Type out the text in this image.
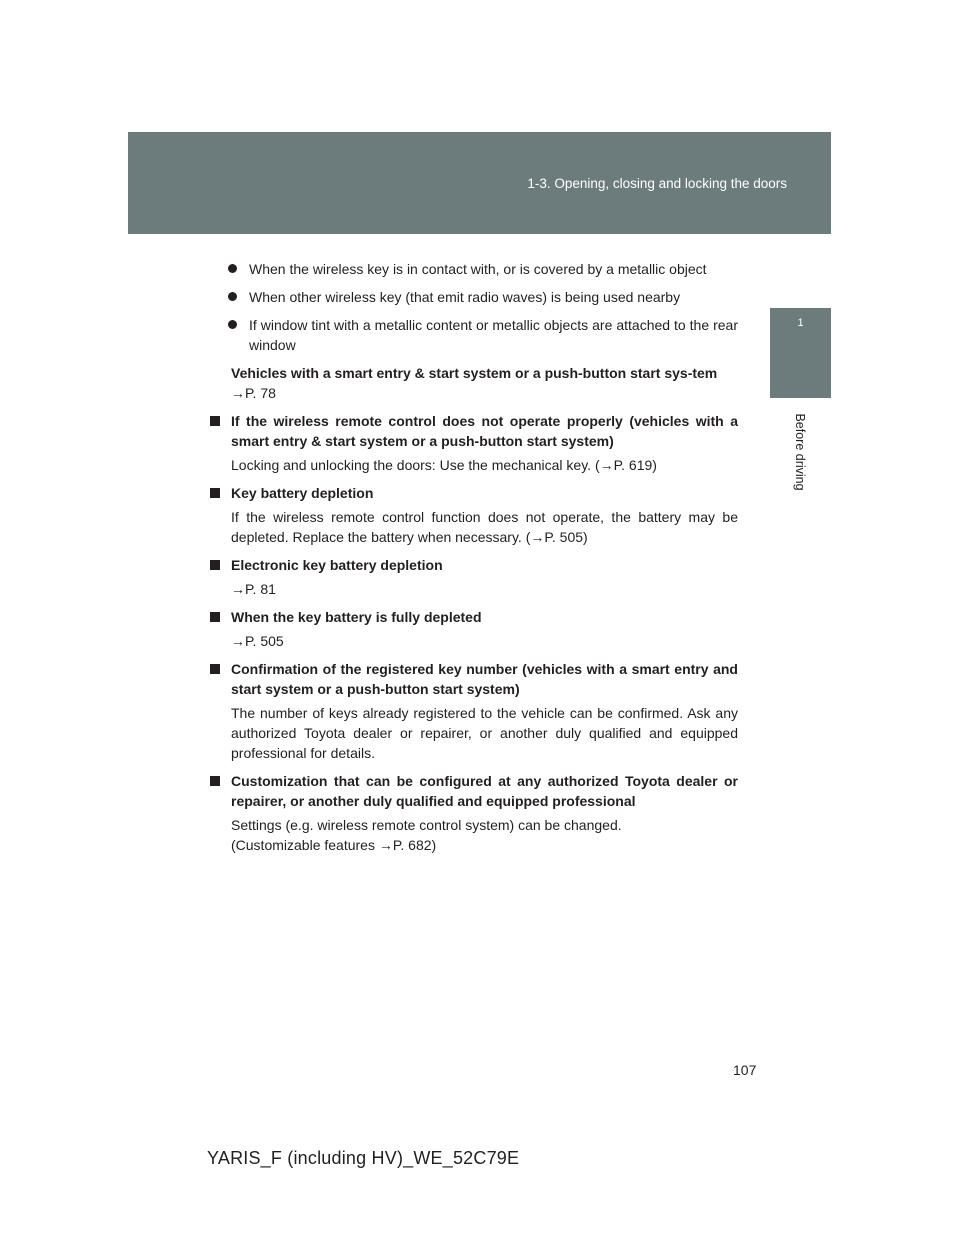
1-3. Opening, closing and locking the doors
1
Before driving
When the wireless key is in contact with, or is covered by a metallic object
When other wireless key (that emit radio waves) is being used nearby
If window tint with a metallic content or metallic objects are attached to the rear window

Vehicles with a smart entry & start system or a push-button start sys-tem

→P. 78

If the wireless remote control does not operate properly (vehicles with a smart entry & start system or a push-button start system)

Locking and unlocking the doors: Use the mechanical key. (→P. 619)

Key battery depletion

If the wireless remote control function does not operate, the battery may be depleted. Replace the battery when necessary. (→P. 505)

Electronic key battery depletion

→P. 81

When the key battery is fully depleted

→P. 505

Confirmation of the registered key number (vehicles with a smart entry and start system or a push-button start system)

The number of keys already registered to the vehicle can be confirmed. Ask any authorized Toyota dealer or repairer, or another duly qualified and equipped professional for details.

Customization that can be configured at any authorized Toyota dealer or repairer, or another duly qualified and equipped professional

Settings (e.g. wireless remote control system) can be changed.

(Customizable features →P. 682)

107
YARIS_F (including HV)_WE_52C79E
